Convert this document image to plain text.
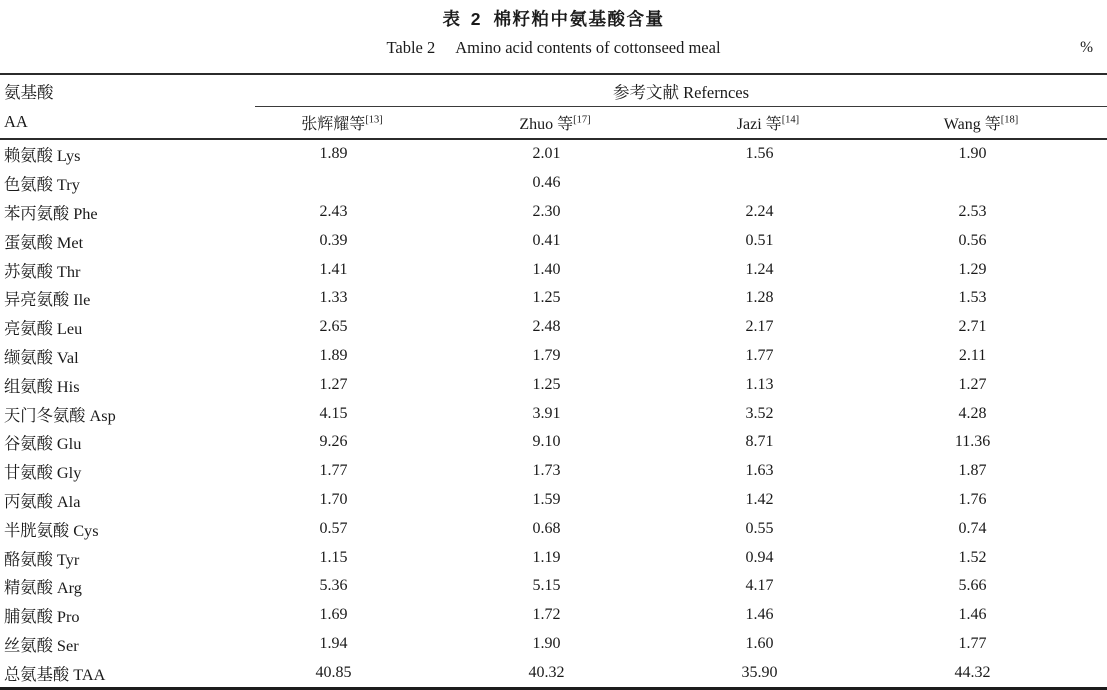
表 2 棉籽粕中氨基酸含量
Table 2 Amino acid contents of cottonseed meal	%
氨基酸	参考文献 Refernces			
AA	张辉耀等[13]	Zhuo 等[17]	Jazi 等[14]	Wang 等[18]
赖氨酸 Lys	1.89	2.01	1.56	1.90
色氨酸 Try		0.46		
苯丙氨酸 Phe	2.43	2.30	2.24	2.53
蛋氨酸 Met	0.39	0.41	0.51	0.56
苏氨酸 Thr	1.41	1.40	1.24	1.29
异亮氨酸 Ile	1.33	1.25	1.28	1.53
亮氨酸 Leu	2.65	2.48	2.17	2.71
缬氨酸 Val	1.89	1.79	1.77	2.11
组氨酸 His	1.27	1.25	1.13	1.27
天门冬氨酸 Asp	4.15	3.91	3.52	4.28
谷氨酸 Glu	9.26	9.10	8.71	11.36
甘氨酸 Gly	1.77	1.73	1.63	1.87
丙氨酸 Ala	1.70	1.59	1.42	1.76
半胱氨酸 Cys	0.57	0.68	0.55	0.74
酪氨酸 Tyr	1.15	1.19	0.94	1.52
精氨酸 Arg	5.36	5.15	4.17	5.66
脯氨酸 Pro	1.69	1.72	1.46	1.46
丝氨酸 Ser	1.94	1.90	1.60	1.77
总氨基酸 TAA	40.85	40.32	35.90	44.32
